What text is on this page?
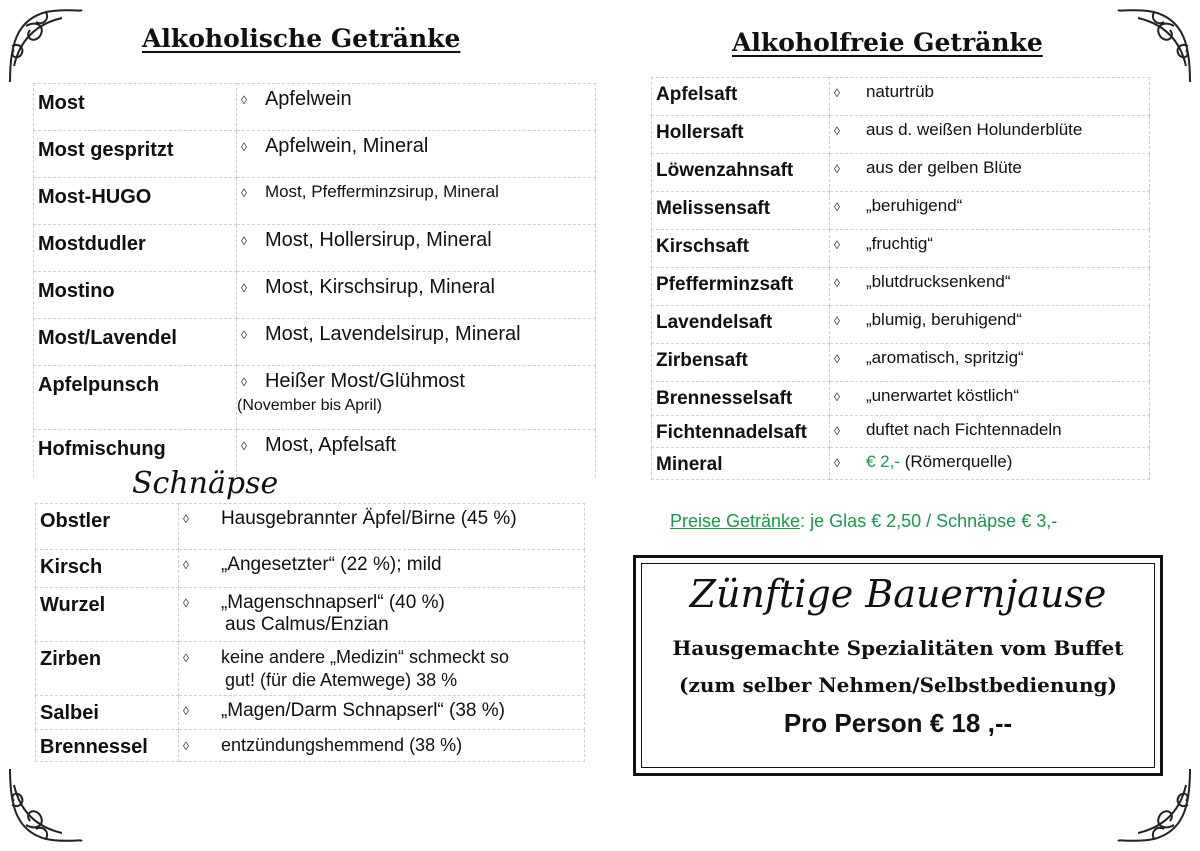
Alkoholische Getränke	Alkoholfreie Getränke
Most	◊ Apfelwein
Most gespritzt	◊ Apfelwein, Mineral
Most-HUGO	◊ Most, Pfefferminzsirup, Mineral
Mostdudler	◊ Most, Hollersirup, Mineral
Mostino	◊ Most, Kirschsirup, Mineral
Most/Lavendel	◊ Most, Lavendelsirup, Mineral
Apfelpunsch	◊ Heißer Most/Glühmost
(November bis April)

Hofmischung	◊ Most, Apfelsaft
Schnäpse
Obstler	◊ Hausgebrannter Äpfel/Birne (45 %)
Kirsch	◊ „Angesetzter“ (22 %); mild
Wurzel	◊ „Magenschnapserl“ (40 %)
aus Calmus/Enzian
Zirben	◊ keine andere „Medizin“ schmeckt so
gut! (für die Atemwege) 38 %
Salbei	◊ „Magen/Darm Schnapserl“ (38 %)
Brennessel	◊ entzündungshemmend (38 %)
Apfelsaft	◊ naturtrüb
Hollersaft	◊ aus d. weißen Holunderblüte
Löwenzahnsaft	◊ aus der gelben Blüte
Melissensaft	◊ „beruhigend“
Kirschsaft	◊ „fruchtig“
Pfefferminzsaft	◊ „blutdrucksenkend“
Lavendelsaft	◊ „blumig, beruhigend“
Zirbensaft	◊ „aromatisch, spritzig“
Brennesselsaft	◊ „unerwartet köstlich“
Fichtennadelsaft	◊ duftet nach Fichtennadeln
Mineral	◊ € 2,- (Römerquelle)
Preise Getränke: je Glas € 2,50 / Schnäpse € 3,-
Zünftige Bauernjause
Hausgemachte Spezialitäten vom Buffet
(zum selber Nehmen/Selbstbedienung)
Pro Person € 18 ,--
